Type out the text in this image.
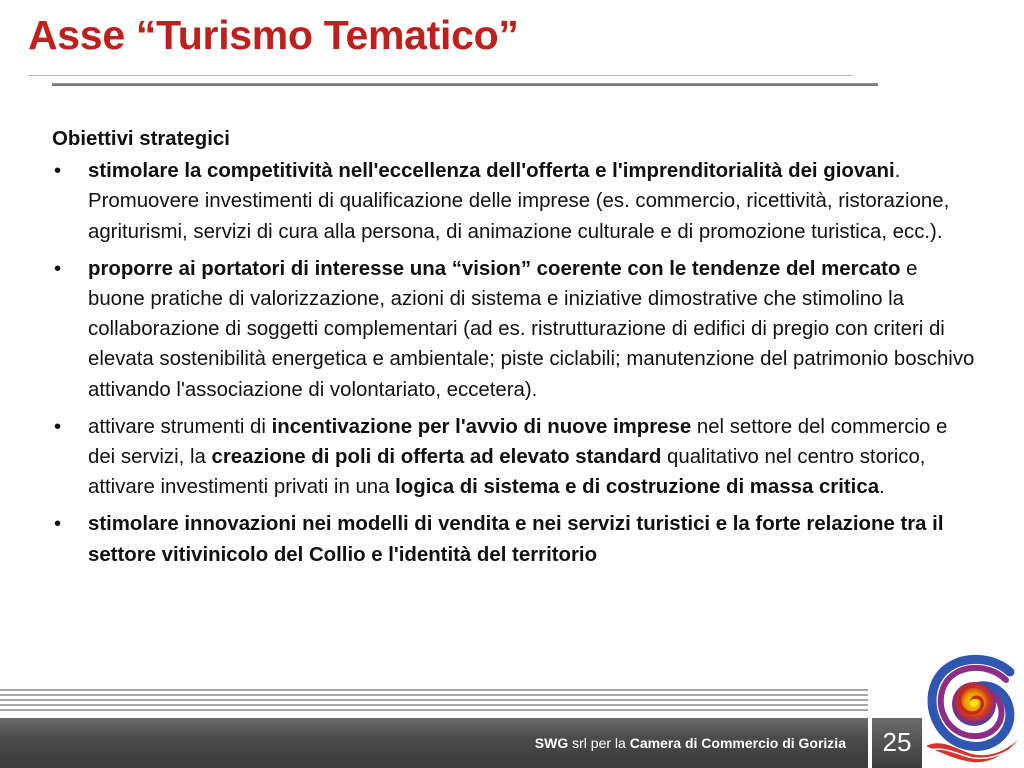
Asse “Turismo Tematico”
Obiettivi strategici
• stimolare la competitività nell'eccellenza dell'offerta e l'imprenditorialità dei giovani. Promuovere investimenti di qualificazione delle imprese (es. commercio, ricettività, ristorazione, agriturismi, servizi di cura alla persona, di animazione culturale e di promozione turistica, ecc.).
• proporre ai portatori di interesse una “vision” coerente con le tendenze del mercato e buone pratiche di valorizzazione, azioni di sistema e iniziative dimostrative che stimolino la collaborazione di soggetti complementari (ad es. ristrutturazione di edifici di pregio con criteri di elevata sostenibilità energetica e ambientale; piste ciclabili; manutenzione del patrimonio boschivo attivando l'associazione di volontariato, eccetera).
• attivare strumenti di incentivazione per l'avvio di nuove imprese nel settore del commercio e dei servizi, la creazione di poli di offerta ad elevato standard qualitativo nel centro storico, attivare investimenti privati in una logica di sistema e di costruzione di massa critica.
• stimolare innovazioni nei modelli di vendita e nei servizi turistici e la forte relazione tra il settore vitivinicolo del Collio e l'identità del territorio
SWG srl per la Camera di Commercio di Gorizia	25
